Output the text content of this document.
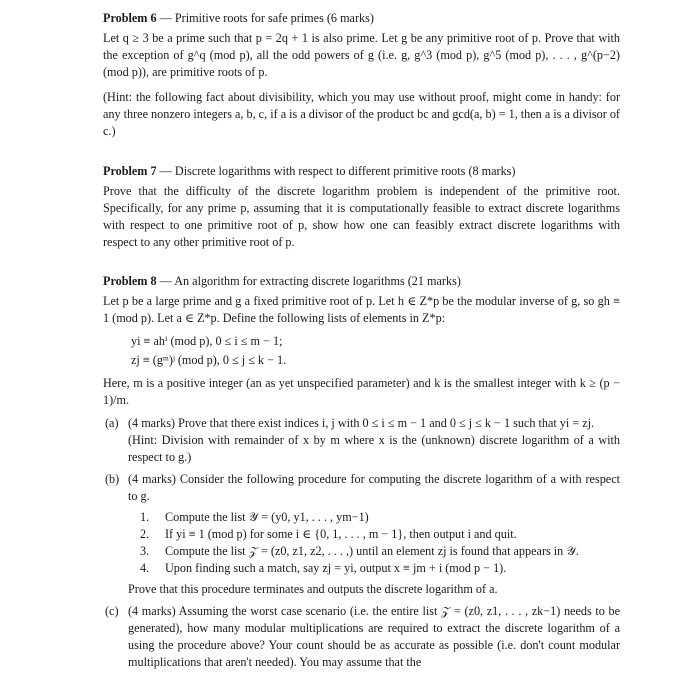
Problem 6 — Primitive roots for safe primes (6 marks)

Let q ≥ 3 be a prime such that p = 2q + 1 is also prime. Let g be any primitive root of p. Prove that with the exception of g^q (mod p), all the odd powers of g (i.e. g, g^3 (mod p), g^5 (mod p), . . . , g^(p−2) (mod p)), are primitive roots of p.

(Hint: the following fact about divisibility, which you may use without proof, might come in handy: for any three nonzero integers a, b, c, if a is a divisor of the product bc and gcd(a, b) = 1, then a is a divisor of c.)

Problem 7 — Discrete logarithms with respect to different primitive roots (8 marks)

Prove that the difficulty of the discrete logarithm problem is independent of the primitive root. Specifically, for any prime p, assuming that it is computationally feasible to extract discrete logarithms with respect to one primitive root of p, show how one can feasibly extract discrete logarithms with respect to any other primitive root of p.

Problem 8 — An algorithm for extracting discrete logarithms (21 marks)

Let p be a large prime and g a fixed primitive root of p. Let h ∈ Z*p be the modular inverse of g, so gh ≡ 1 (mod p). Let a ∈ Z*p. Define the following lists of elements in Z*p:

yi ≡ ahⁱ (mod p), 0 ≤ i ≤ m − 1;

zj ≡ (gᵐ)ʲ (mod p), 0 ≤ j ≤ k − 1.

Here, m is a positive integer (an as yet unspecified parameter) and k is the smallest integer with k ≥ (p − 1)/m.

(a) (4 marks) Prove that there exist indices i, j with 0 ≤ i ≤ m − 1 and 0 ≤ j ≤ k − 1 such that yi = zj.
(Hint: Division with remainder of x by m where x is the (unknown) discrete logarithm of a with respect to g.)
(b) (4 marks) Consider the following procedure for computing the discrete logarithm of a with respect to g.
1. Compute the list 𝒴 = (y0, y1, . . . , ym−1)
2. If yi ≡ 1 (mod p) for some i ∈ {0, 1, . . . , m − 1}, then output i and quit.
3. Compute the list 𝒵 = (z0, z1, z2, . . . ,) until an element zj is found that appears in 𝒴.
4. Upon finding such a match, say zj = yi, output x ≡ jm + i (mod p − 1).
Prove that this procedure terminates and outputs the discrete logarithm of a.
(c) (4 marks) Assuming the worst case scenario (i.e. the entire list 𝒵 = (z0, z1, . . . , zk−1) needs to be generated), how many modular multiplications are required to extract the discrete logarithm of a using the procedure above? Your count should be as accurate as possible (i.e. don't count modular multiplications that aren't needed). You may assume that the
